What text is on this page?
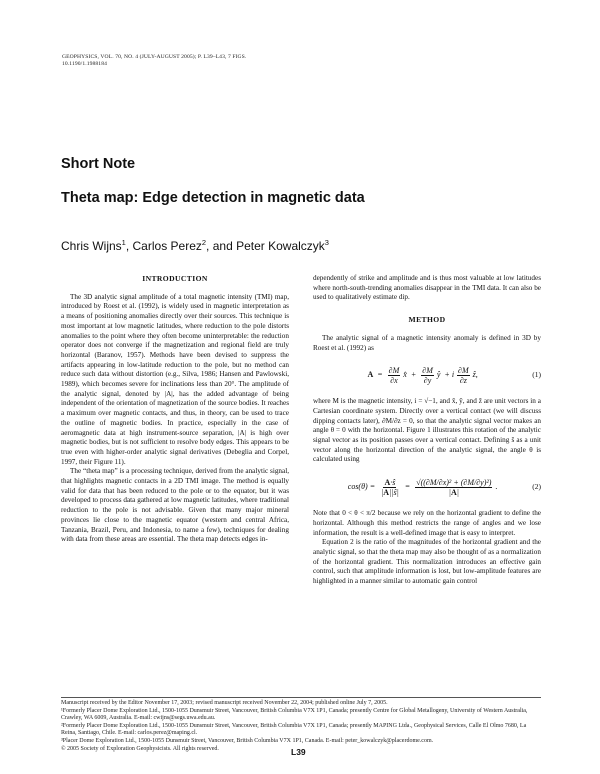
GEOPHYSICS, VOL. 70, NO. 4 (JULY-AUGUST 2005); P. L39–L43, 7 FIGS.
10.1190/1.1988184
Short Note
Theta map: Edge detection in magnetic data
Chris Wijns$^1$, Carlos Perez$^2$, and Peter Kowalczyk$^3$
INTRODUCTION

The 3D analytic signal amplitude of a total magnetic intensity (TMI) map, introduced by Roest et al. (1992), is widely used in magnetic interpretation as a means of positioning anomalies directly over their sources. This technique is most important at low magnetic latitudes, where reduction to the pole distorts anomalies to the point where they often become uninterpretable: the reduction operator does not converge if the magnetization and regional field are truly horizontal (Baranov, 1957). Methods have been devised to suppress the artifacts appearing in low-latitude reduction to the pole, but no method can reduce such data without distortion (e.g., Silva, 1986; Hansen and Pawlowski, 1989), which becomes severe for inclinations less than 20°. The amplitude of the analytic signal, denoted by |A|, has the added advantage of being independent of the orientation of magnetization of the source bodies. It reaches a maximum over magnetic contacts, and thus, in theory, can be used to trace the outline of magnetic bodies. In practice, especially in the case of aeromagnetic data at high instrument-source separation, |A| is high over magnetic bodies, but is not sufficient to resolve body edges. This appears to be true even with higher-order analytic signal derivatives (Debeglia and Corpel, 1997, their Figure 11).

The “theta map” is a processing technique, derived from the analytic signal, that highlights magnetic contacts in a 2D TMI image. The method is equally valid for data that has been reduced to the pole or to the equator, but it was developed to process data gathered at low magnetic latitudes, where traditional reduction to the pole is not advisable. Given that many major mineral provinces lie close to the magnetic equator (western and central Africa, Tanzania, Brazil, Peru, and Indonesia, to name a few), techniques for dealing with data from these areas are essential. The theta map detects edges in-

dependently of strike and amplitude and is thus most valuable at low latitudes where north-south-trending anomalies disappear in the TMI data. It can also be used to qualitatively estimate dip.

METHOD

The analytic signal of a magnetic intensity anomaly is defined in 3D by Roest et al. (1992) as

$A = \frac{\partial M}{\partial x}$ x̂ + $\frac{\partial M}{\partial y}$ ŷ + i $\frac{\partial M}{\partial z}$ ẑ,	(1)

where M is the magnetic intensity, i = √−1, and x̂, ŷ, and ẑ are unit vectors in a Cartesian coordinate system. Directly over a vertical contact (we will discuss dipping contacts later), ∂M/∂z = 0, so that the analytic signal vector makes an angle θ = 0 with the horizontal. Figure 1 illustrates this rotation of the analytic signal vector as its position passes over a vertical contact. Defining ŝ as a unit vector along the horizontal direction of the analytic signal, the angle θ is calculated using

$\cos(\theta) = \frac{A\cdot ŝ}{|A||ŝ|} = \frac{\text{√((∂M/∂x)² + (∂M/∂y)²)}}{|A|}$ .	(2)

Note that 0 < θ < π/2 because we rely on the horizontal gradient to define the horizontal. Although this method restricts the range of angles and we lose information, the result is a well-defined image that is easy to interpret.

Equation 2 is the ratio of the magnitudes of the horizontal gradient and the analytic signal, so that the theta map may also be thought of as a normalization of the horizontal gradient. This normalization introduces an effective gain control, such that amplitude information is lost, but low-amplitude features are highlighted in a manner similar to automatic gain control

Manuscript received by the Editor November 17, 2003; revised manuscript received November 22, 2004; published online July 7, 2005.
¹Formerly Placer Dome Exploration Ltd., 1500-1055 Dunsmuir Street, Vancouver, British Columbia V7X 1P1, Canada; presently Centre for Global Metallogeny, University of Western Australia, Crawley, WA 6009, Australia. E-mail: cwijns@segs.uwa.edu.au.
²Formerly Placer Dome Exploration Ltd., 1500-1055 Dunsmuir Street, Vancouver, British Columbia V7X 1P1, Canada; presently MAPING Ltda., Geophysical Services, Calle El Olmo 7680, La Reina, Santiago, Chile. E-mail: carlos.perez@maping.cl.
³Placer Dome Exploration Ltd., 1500-1055 Dunsmuir Street, Vancouver, British Columbia V7X 1P1, Canada. E-mail: peter_kowalczyk@placerdome.com.
© 2005 Society of Exploration Geophysicists. All rights reserved.	L39
